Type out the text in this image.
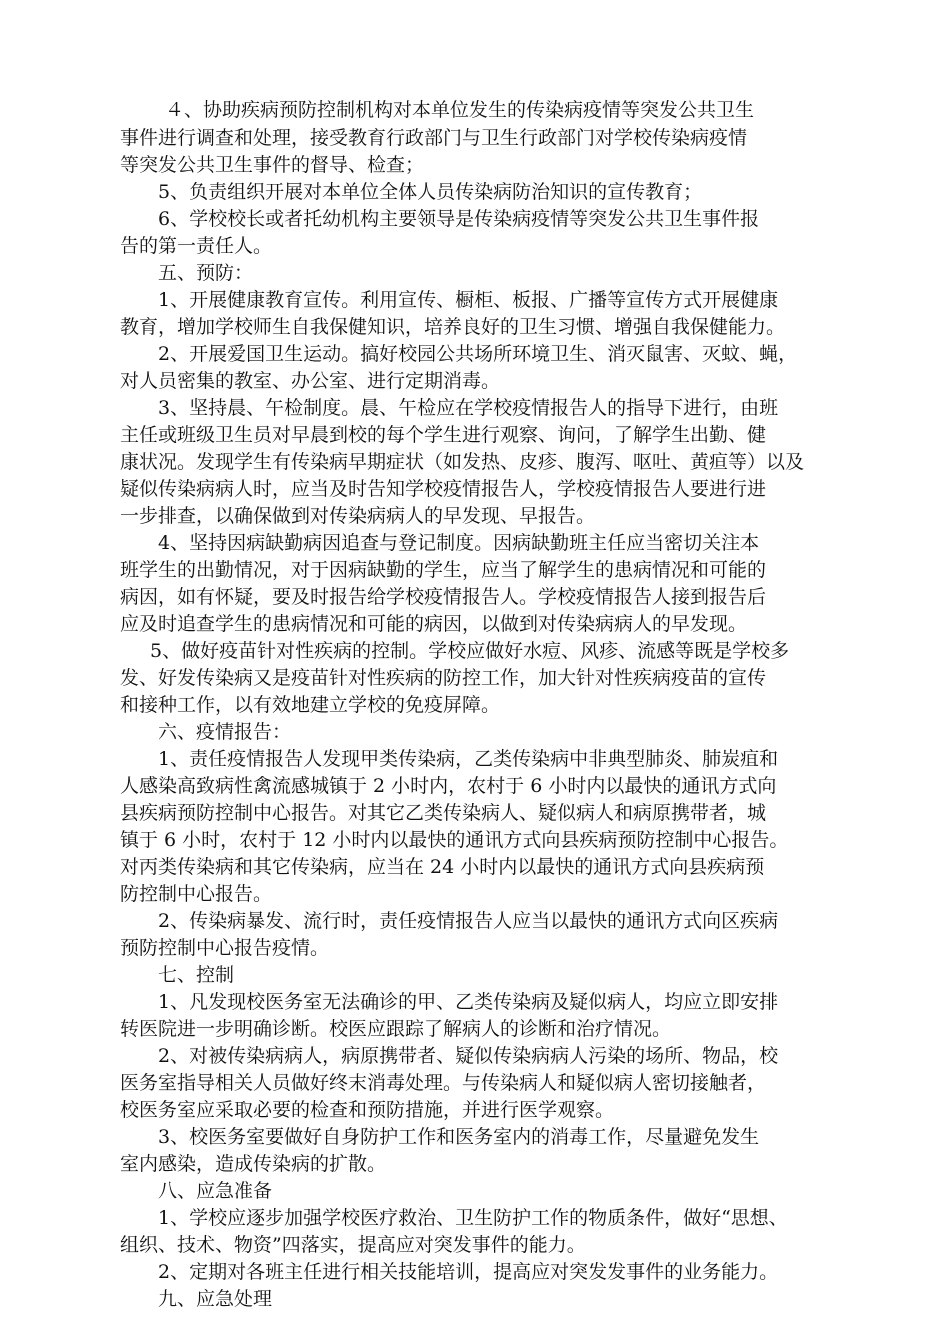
４、协助疾病预防控制机构对本单位发生的传染病疫情等突发公共卫生
事件进行调查和处理，接受教育行政部门与卫生行政部门对学校传染病疫情
等突发公共卫生事件的督导、检查；
5、负责组织开展对本单位全体人员传染病防治知识的宣传教育；
6、学校校长或者托幼机构主要领导是传染病疫情等突发公共卫生事件报
告的第一责任人。
五、预防：
1、开展健康教育宣传。利用宣传、橱柜、板报、广播等宣传方式开展健康
教育，增加学校师生自我保健知识，培养良好的卫生习惯、增强自我保健能力。
2、开展爱国卫生运动。搞好校园公共场所环境卫生、消灭鼠害、灭蚊、蝇，
对人员密集的教室、办公室、进行定期消毒。
3、坚持晨、午检制度。晨、午检应在学校疫情报告人的指导下进行，由班
主任或班级卫生员对早晨到校的每个学生进行观察、询问，了解学生出勤、健
康状况。发现学生有传染病早期症状（如发热、皮疹、腹泻、呕吐、黄疸等）以及
疑似传染病病人时，应当及时告知学校疫情报告人，学校疫情报告人要进行进
一步排查，以确保做到对传染病病人的早发现、早报告。
4、坚持因病缺勤病因追查与登记制度。因病缺勤班主任应当密切关注本
班学生的出勤情况，对于因病缺勤的学生，应当了解学生的患病情况和可能的
病因，如有怀疑，要及时报告给学校疫情报告人。学校疫情报告人接到报告后
应及时追查学生的患病情况和可能的病因，以做到对传染病病人的早发现。
5、做好疫苗针对性疾病的控制。学校应做好水痘、风疹、流感等既是学校多
发、好发传染病又是疫苗针对性疾病的防控工作，加大针对性疾病疫苗的宣传
和接种工作，以有效地建立学校的免疫屏障。
六、疫情报告：
1、责任疫情报告人发现甲类传染病，乙类传染病中非典型肺炎、肺炭疽和
人感染高致病性禽流感城镇于 2 小时内，农村于 6 小时内以最快的通讯方式向
县疾病预防控制中心报告。对其它乙类传染病人、疑似病人和病原携带者，城
镇于 6 小时，农村于 12 小时内以最快的通讯方式向县疾病预防控制中心报告。
对丙类传染病和其它传染病，应当在 24 小时内以最快的通讯方式向县疾病预
防控制中心报告。
2、传染病暴发、流行时，责任疫情报告人应当以最快的通讯方式向区疾病
预防控制中心报告疫情。
七、控制
1、凡发现校医务室无法确诊的甲、乙类传染病及疑似病人，均应立即安排
转医院进一步明确诊断。校医应跟踪了解病人的诊断和治疗情况。
2、对被传染病病人，病原携带者、疑似传染病病人污染的场所、物品，校
医务室指导相关人员做好终末消毒处理。与传染病人和疑似病人密切接触者，
校医务室应采取必要的检查和预防措施，并进行医学观察。
3、校医务室要做好自身防护工作和医务室内的消毒工作，尽量避免发生
室内感染，造成传染病的扩散。
八、应急准备
1、学校应逐步加强学校医疗救治、卫生防护工作的物质条件，做好“思想、
组织、技术、物资”四落实，提高应对突发事件的能力。
2、定期对各班主任进行相关技能培训，提高应对突发发事件的业务能力。
九、应急处理
